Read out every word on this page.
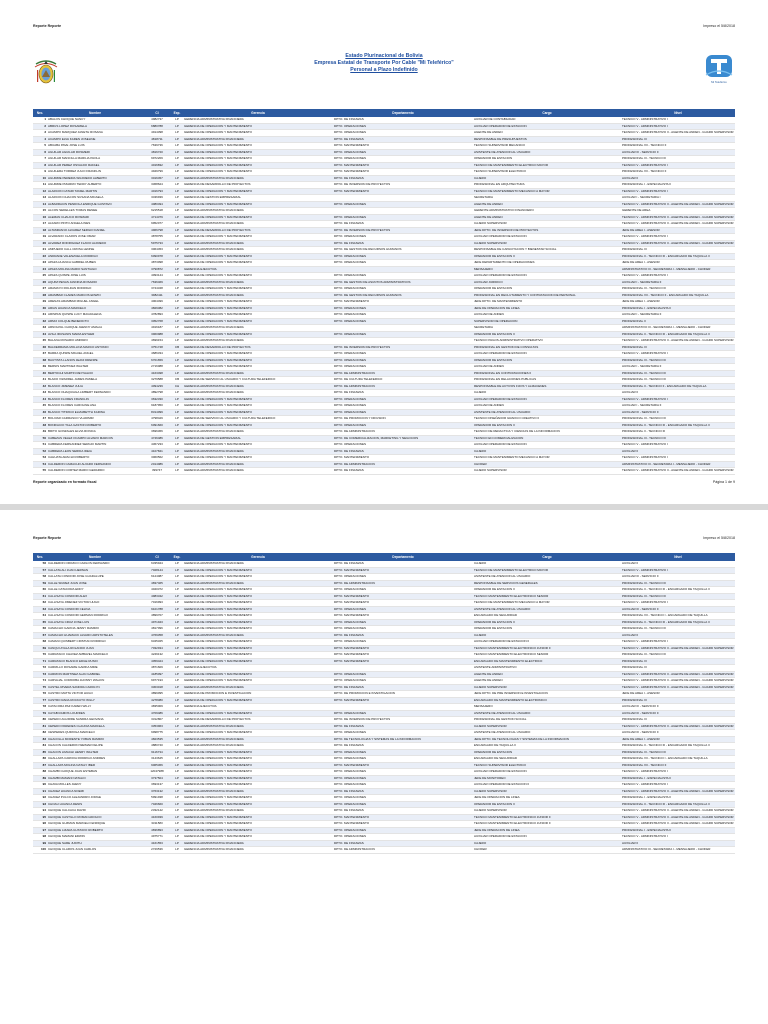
Reporte Reporte	Impreso el 5/8/2018
Estado Plurinacional de Bolivia
Empresa Estatal de Transporte Por Cable "Mi Teleférico"
Personal a Plazo Indefinido
Mi Teleférico
Nro.	Nombre	CI	Exp.	Gerencia	Departamento	Cargo	Nivel
1	ABALOS CHOQUE NANCY	4982737	LP	GERENCIA ADMINISTRATIVA FINANCIERA	DPTO. DE FINANZAS	AUXILIAR DE CONTABILIDAD	TECNICO V - ADMINISTRATIVO I
2	ABRUS LOPEZ ROSARIELA	6880788	LP	GERENCIA DE OPERACION Y MANTENIMIENTO	DPTO. OPERACIONES	AUXILIAR OPERADOR DE ESTACION	TECNICO V - ADMINISTRATIVO I
3	ACAMPO MARQUEZ JANETH ROSANA	4914398	LP	GERENCIA DE OPERACION Y MANTENIMIENTO	DPTO. OPERACIONES	AGENTE DE ANDEN	TECNICO V - ADMINISTRATIVO II - AGENTE DE ANDEN - GUARD SUPERVISOR
4	ACAMPO ELVA KAREN JOSELINE	4818711	LP	GERENCIA ADMINISTRATIVA FINANCIERA	DPTO. DE FINANZAS	RESPONSABLE DE PRESUPUESTOS	PROFESIONAL III
5	ABUABA PAVE JOSE LUIS	7639736	LP	GERENCIA DE OPERACION Y MANTENIMIENTO	DPTO. MANTENIMIENTO	TECNICO SUPERVISOR MECANICO	PROFESIONAL XII - TECNICO II
6	AGUILAR AGUILAR ROSMERI	4816720	LP	GERENCIA DE OPERACION Y MANTENIMIENTO	DPTO. OPERACIONES	ASISTENTE DE ATENCION AL USUARIO	AUXILIAR III - SERVICIO II
7	AGUILAR MANCILLA MARILIA PAOLA	9972209	LP	GERENCIA DE OPERACION Y MANTENIMIENTO	DPTO. OPERACIONES	OPERADOR DE ESTACION	PROFESIONAL III - TECNICO III
8	AGUILAR PEREZ OSVALDO RAFAEL	4016832	LP	GERENCIA DE OPERACION Y MANTENIMIENTO	DPTO. MANTENIMIENTO	TECNICO DE MANTENIMIENTO ELECTRICO MAYOR	TECNICO V - ADMINISTRATIVO I
9	AGUILERA TORREZ JULIO FRANKLIN	4949799	LP	GERENCIA DE OPERACION Y MANTENIMIENTO	DPTO. MANTENIMIENTO	TECNICO SUPERVISOR ELECTRICO	PROFESIONAL XII - TECNICO II
10	AGUIRRE PEREIRA WILFREDO ALBERTO	3016457	LP	GERENCIA ADMINISTRATIVA FINANCIERA	DPTO. DE FINANZAS	CAJERO	AUXILIAR II
11	AGUIRRE PIZARRO TEDDY ALBERTO	3368624	LP	GERENCIA DE DESARROLLO DE PROYECTOS	DPTO. DE INVERSION DE PROYECTOS	PROFESIONAL EN ARQUITECTURA	PROFESIONAL I - ESPECIALISTA II
12	ALARCON CATARI TANIEL MARTIN	4016793	LP	GERENCIA DE OPERACION Y MANTENIMIENTO	DPTO. MANTENIMIENTO	TECNICO DE MANTENIMIENTO MECANICO A MAYOR	TECNICO V - ADMINISTRATIVO I
13	ALARCON CHACON SUSANA MICAELA	3436939	LP	GERENCIA DE GESTION EMPRESARIAL		SECRETARIA	AUXILIAR I - SECRETARIA I
14	ALBARRACIN PENDOLA ENRIQUE GUSTAVO	4080494	LP	GERENCIA DE OPERACION Y MANTENIMIENTO	DPTO. OPERACIONES	AGENTE DE ANDEN	TECNICO V - ADMINISTRATIVO II - AGENTE DE ANDEN - GUARD SUPERVISOR
15	ALCON SEDELLES TOMAS RENEE	9215518	LP	GERENCIA ADMINISTRATIVA FINANCIERA		GERENTE ADMINISTRATIVO FINANCIERO	GERENTE DE AREA
16	ALEMAN CHAUCO ROSMARI	4714379	LP	GERENCIA DE OPERACION Y MANTENIMIENTO	DPTO. OPERACIONES	AGENTE DE ANDEN	TECNICO V - ADMINISTRATIVO II - AGENTE DE ANDEN - GUARD SUPERVISOR
17	ALFARO PINTO ANGELA INES	9952077	LP	GERENCIA ADMINISTRATIVA FINANCIERA	DPTO. DE FINANZAS	CAJERO SUPERVISOR	TECNICO V - ADMINISTRATIVO II - AGENTE DE ANDEN - GUARD SUPERVISOR
18	ALTAMIRANO ALVAREZ SERGIO DANIEL	4966798	LP	GERENCIA DE DESARROLLO DE PROYECTOS	DPTO. DE INVERSION DE PROYECTOS	JEFE DPTO. DE INVERSION DE PROYECTOS	JEFE DE AREA I - ASESOR
19	ALVARADO CLAROS JOSE OMAR	4878755	LP	GERENCIA DE OPERACION Y MANTENIMIENTO	DPTO. OPERACIONES	AUXILIAR OPERADOR DE ESTACION	TECNICO V - ADMINISTRATIVO I
20	ALVAREZ RODRIGUEZ FLAVIO ALFREDO	5975733	LP	GERENCIA ADMINISTRATIVA FINANCIERA	DPTO. DE FINANZAS	CAJERO SUPERVISOR	TECNICO V - ADMINISTRATIVO II - AGENTE DE ANDEN - GUARD SUPERVISOR
21	AMPUERO CALL CROSA LENISE	3064453	LP	GERENCIA ADMINISTRATIVA FINANCIERA	DPTO. DE GESTION DE RECURSOS HUMANOS	RESPONSABLE DE CAPACITACION Y BIENESTAR SOCIAL	PROFESIONAL III
22	ANDRADE VALENZUELA RODRIGO	6090978	LP	GERENCIA DE OPERACION Y MANTENIMIENTO	DPTO. OPERACIONES	OPERADOR DE ESTACION II	PROFESIONAL II - TECNICO III - ENCARGADO DE TAQUILLA II
23	APAZA HUANCA GABRIEL RUBEN	4873098	LP	GERENCIA DE OPERACION Y MANTENIMIENTO	DPTO. OPERACIONES	JEFE DEPARTAMENTO DE OPERACIONES	JEFE DE AREA I - ASESOR
24	APAZA MOLINA MARIO SANTIAGO	3790872	LP	GERENCIA EJECUTIVA		MENSAJERO	ADMINISTRATIVO III - SECRETARIA I - MENSAJERO - CHOFER
25	APAZA QUISPE JOSE LUIS	4093144	LP	GERENCIA DE OPERACION Y MANTENIMIENTO	DPTO. OPERACIONES	AUXILIAR OPERADOR DE ESTACION	TECNICO V - ADMINISTRATIVO I
26	AQUIM PENAS JANNINA ROSARIO	7636469	LP	GERENCIA ADMINISTRATIVA FINANCIERA	DPTO. DE GESTION DE ASUNTOS ADMINISTRATIVOS	AUXILIAR JURIDICO	AUXILIAR I - SECRETARIA II
27	ARAMAYO ROLDAN RODRIGO	3744348	LP	GERENCIA DE OPERACION Y MANTENIMIENTO	DPTO. OPERACIONES	OPERADOR DE ESTACION	PROFESIONAL III - TECNICO III
28	ARAMBAR CLARES MARCOS EDWIN	3982411	LP	GERENCIA ADMINISTRATIVA FINANCIERA	DPTO. DE GESTION DE RECURSOS HUMANOS	PROFESIONAL EN RECLUTAMIENTO Y CONTRATACION DE PERSONAL	PROFESIONAL VII - TECNICO II - ENCARGADO DE TAQUILLA
29	ARENAS ARAMBAR MIGUEL ANGEL	4004499	LP	GERENCIA DE OPERACION Y MANTENIMIENTO	DPTO. MANTENIMIENTO	JEFE DPTO. DE MANTENIMIENTO	JEFE DE AREA I - ASESOR
30	ARIAS HUANCA MARCELO	4829382	LP	GERENCIA DE OPERACION Y MANTENIMIENTO	DPTO. OPERACIONES	JEFE DE OPERACION DE LINEA	PROFESIONAL I - ESPECIALISTA II
31	ARISPAN QUISPE LUCY MAGDALENA	4782893	LP	GERENCIA DE OPERACION Y MANTENIMIENTO	DPTO. OPERACIONES	AUXILIAR DE ANDEN	AUXILIAR I - SECRETARIA II
32	ARMIJ COLQUE BENEDICTO	3052768	LP	GERENCIA DE OPERACION Y MANTENIMIENTO	DPTO. OPERACIONES	SUPERVISOR DE OPERACION	PROFESIONAL II
33	ARNOLPAL CHOQUE JHENNY AMALIA	4916187	LP	GERENCIA ADMINISTRATIVA FINANCIERA		SECRETARIA	ADMINISTRATIVO III - SECRETARIA I - MENSAJERO - CHOFER
34	AVILA IRUSANIS MARIA ESTHER	3960988	LP	GERENCIA DE OPERACION Y MANTENIMIENTO	DPTO. OPERACIONES	OPERADOR DE ESTACION II	PROFESIONAL II - TECNICO III - ENCARGADO DE TAQUILLA II
35	BALANA ROSARIO AMPARO	4699154	LP	GERENCIA ADMINISTRATIVA FINANCIERA		TECNICO PAGOS ADMINISTRATIVO OPERATIVO	TECNICO V - ADMINISTRATIVO II - AGENTE DE ANDEN - GUARD SUPERVISOR
36	BALDERRAMA MOLLINA MARCO ANTONIO	3751748	CB	GERENCIA DE DESARROLLO DE PROYECTOS	DPTO. DE INVERSION DE PROYECTOS	PROFESIONAL EN GESTION DE CONSULTAS	PROFESIONAL III
37	BARRA QUISPE MIGUEL ANGEL	4686334	LP	GERENCIA DE OPERACION Y MANTENIMIENTO	DPTO. OPERACIONES	AUXILIAR OPERADOR DE ESTACION	TECNICO V - ADMINISTRATIVO I
38	BAUTISTA LLANOS JEANI DRENPE	6701659	LP	GERENCIA DE OPERACION Y MANTENIMIENTO	DPTO. OPERACIONES	OPERADOR DE ESTACION	PROFESIONAL III - TECNICO III
39	BERNIS MARTINEZ WALTER	2716088	LP	GERENCIA DE OPERACION Y MANTENIMIENTO	DPTO. OPERACIONES	AUXILIAR DE ANDEN	AUXILIAR I - SECRETARIA II
40	BERTOCHI MARTIN REYNALDO	4163498	LP	GERENCIA ADMINISTRATIVA FINANCIERA	DPTO. DE ADMINISTRACION	PROFESIONAL EN CONTRATACIONES II	PROFESIONAL III - TECNICO III
41	BLADO VIZARREL JAMES PAMELA	3279588	CB	GERENCIA DE SERVICIO AL USUARIO Y CULTURA TELEFERICO	DPTO. DE CULTURA TELEFERICO	PROFESIONAL EN RELACIONES PUBLICAS	PROFESIONAL III - TECNICO III
42	BLANCO JIMENEZ JULIA	4094239	CH	GERENCIA ADMINISTRATIVA FINANCIERA	DPTO. DE ADMINISTRACION	RESPONSABLE DE ACTIVOS FIJOS Y ALMACENES	PROFESIONAL II - TECNICO II - ENCARGADO DE TAQUILLA
43	BLANCO OHAQUIAGA LIMBERT FERNANDO	4892798	LP	GERENCIA ADMINISTRATIVA FINANCIERA	DPTO. DE FINANZAS	CAJERO	AUXILIAR II
44	BLANCO FLORES FRANKLIN	3632330	LP	GERENCIA DE OPERACION Y MANTENIMIENTO	DPTO. OPERACIONES	AUXILIAR OPERADOR DE ESTACION	TECNICO V - ADMINISTRATIVO I
45	BLANCO FLORES CAROLINE ANA	9187950	LP	GERENCIA DE OPERACION Y MANTENIMIENTO	DPTO. OPERACIONES	AUXILIAR DE ANDEN	AUXILIAR I - SECRETARIA II
46	BLANCO TITIRICO ELIZABETTH KARINA	8314099	LP	GERENCIA DE OPERACION Y MANTENIMIENTO	DPTO. OPERACIONES	ASISTENTE DE ATENCION AL USUARIO	AUXILIAR III - SERVICIO II
47	BOLIVAR CARRASCO VLADIMIR	4798429	LP	GERENCIA DE SERVICIO AL USUARIO Y CULTURA TELEFERICO	DPTO. DE PROMOCION Y DIFUSION	TECNICO DISEÑADOR GRAFICO CREATIVO II	PROFESIONAL III - TECNICO III
48	BONIFACIO TALA GASTON ROBERTO	6091660	LP	GERENCIA DE OPERACION Y MANTENIMIENTO	DPTO. OPERACIONES	OPERADOR DE ESTACION II	PROFESIONAL II - TECNICO III - ENCARGADO DE TAQUILLA II
49	BRITO GONZALES ELVIA RONICA	3696366	LP	GERENCIA ADMINISTRATIVA FINANCIERA	DPTO. DE ADMINISTRACION	TECNICO DE REDACTICA Y CIENCIAS DE LA INFORMACION	PROFESIONAL II - TECNICO III
50	CABEZAS VELEZ OCAMPO ALVARO MARCOS	4746486	LP	GERENCIA DE GESTION EMPRESARIAL	DPTO. DE COMERCIALIZACION, MARKETING Y NEGOCIOS	TECNICO EN COMERCIALIZACION	PROFESIONAL III - TECNICO III
51	CABRERA FERNANDEZ SERGIO MARTIN	4367233	LP	GERENCIA DE OPERACION Y MANTENIMIENTO	DPTO. OPERACIONES	AUXILIAR OPERADOR DE ESTACION	TECNICO V - ADMINISTRATIVO I
52	CABRERA LEON SERIDA IDEIA	4107841	LP	GERENCIA ADMINISTRATIVA FINANCIERA	DPTO. DE FINANZAS	CAJERO	AUXILIAR II
53	CAHUATA ARACHI ROBERTO	3060562	LP	GERENCIA DE OPERACION Y MANTENIMIENTO	DPTO. MANTENIMIENTO	TECNICO DE MANTENIMIENTO MECANICO A MAYOR	TECNICO V - ADMINISTRATIVO I
54	CALDERON CAMACHO ALVARO FERNANDO	2014086	LP	GERENCIA ADMINISTRATIVA FINANCIERA	DPTO. DE ADMINISTRACION	CHOFER	ADMINISTRATIVO III - SECRETARIA I - MENSAJERO - CHOFER
55	CALDERON CORTEZ MARIO GERARDO	399747	LP	GERENCIA ADMINISTRATIVA FINANCIERA	DPTO. DE FINANZAS	CAJERO SUPERVISOR	TECNICO V - ADMINISTRATIVO II - AGENTE DE ANDEN - GUARD SUPERVISOR
Reporte organizado en formato fiscal	Página 1 de 9
Reporte Reporte	Impreso el 5/8/2018
Nro.	Nombre	CI	Exp.	Gerencia	Departamento	Cargo	Nivel
56	CALDERON OROZCO CARLOS FERNANDO	6335944	LP	GERENCIA ADMINISTRATIVA FINANCIERA	DPTO. DE FINANZAS	CAJERO	AUXILIAR II
57	CALLATA ALI JUAN HERNAN	7028144	LP	GERENCIA DE OPERACION Y MANTENIMIENTO	DPTO. MANTENIMIENTO	TECNICO DE MANTENIMIENTO ELECTRICO MAYOR	TECNICO V - ADMINISTRATIVO I
58	CALLATA CONDORI JOSE GUADALUPE	6124087	LP	GERENCIA DE OPERACION Y MANTENIMIENTO	DPTO. OPERACIONES	ASISTENTE DE ATENCION AL USUARIO	AUXILIAR III - SERVICIO II
59	CALLE SIUREZ JUAN JOSE	4837465	LP	GERENCIA ADMINISTRATIVA FINANCIERA	DPTO. DE ADMINISTRACION	RESPONSABLE DE SERVICIOS GENERALES	PROFESIONAL III - TECNICO III
60	CALLE CATACORA EDDY	4040372	LP	GERENCIA DE OPERACION Y MANTENIMIENTO	DPTO. OPERACIONES	OPERADOR DE ESTACION II	PROFESIONAL II - TECNICO III - ENCARGADO DE TAQUILLA II
61	CALLISAYA CONDORI ALEX	4983342	LP	GERENCIA DE OPERACION Y MANTENIMIENTO	DPTO. MANTENIMIENTO	TECNICO MANTENIMIENTO ELECTRONICO SENIOR	PROFESIONAL III - TECNICO III
62	CALLISAYA JIMENEZ VICTOR HUGO	7016993	LP	GERENCIA DE OPERACION Y MANTENIMIENTO	DPTO. MANTENIMIENTO	TECNICO DE MANTENIMIENTO MECANICO A MAYOR	TECNICO V - ADMINISTRATIVO I
63	CALLISAYA CONDORI CELINA	9101788	LP	GERENCIA DE OPERACION Y MANTENIMIENTO	DPTO. OPERACIONES	ASISTENTE DE ATENCION AL USUARIO	AUXILIAR III - SERVICIO II
64	CALLISAYA CONDORI GERMAN RODRIGO	4899707	LP	GERENCIA DE OPERACION Y MANTENIMIENTO	DPTO. MANTENIMIENTO	ENCARGADO DE SEGURIDAD	PROFESIONAL VII - TECNICO I - ENCARGADO DE TAQUILLA
65	CALLISAYA CRUZ JOSE LUIS	4971943	LP	GERENCIA DE OPERACION Y MANTENIMIENTO	DPTO. OPERACIONES	OPERADOR DE ESTACION II	PROFESIONAL II - TECNICO III - ENCARGADO DE TAQUILLA II
66	CAMACHO GARCIA JENNY RAMIRO	4817096	LP	GERENCIA DE OPERACION Y MANTENIMIENTO	DPTO. OPERACIONES	OPERADOR DE ESTACION	PROFESIONAL III - TECNICO III
67	CAMACHO HUAMACK ALVARO ARISTOTELES	4769358	LP	GERENCIA ADMINISTRATIVA FINANCIERA	DPTO. DE FINANZAS	CAJERO	AUXILIAR II
68	CAMANI QUISBERT CRISTIAN RODRIGO	9345325	LP	GERENCIA DE OPERACION Y MANTENIMIENTO	DPTO. OPERACIONES	AUXILIAR OPERADOR DE ESTACION II	TECNICO V - ADMINISTRATIVO I
69	CANQUI AYALA ROLANDO JUAN	7032934	LP	GERENCIA DE OPERACION Y MANTENIMIENTO	DPTO. MANTENIMIENTO	TECNICO MANTENIMIENTO ELECTRONICO JUNIOR II	TECNICO V - ADMINISTRATIVO II - AGENTE DE ANDEN - GUARD SUPERVISOR
70	CARRASCO CHAVEZ AMBAVEL MARCELO	4249132	LP	GERENCIA DE OPERACION Y MANTENIMIENTO	DPTO. MANTENIMIENTO	TECNICO MANTENIMIENTO ELECTRONICO SENIOR	PROFESIONAL III - TECNICO III
71	CARRASCO BLANCO EDGE RUSIO	4059424	LP	GERENCIA DE OPERACION Y MANTENIMIENTO	DPTO. MANTENIMIENTO	ENCARGADO DE MANTENIMIENTO ELECTRICO	PROFESIONAL III
72	CARRILLO ROSARIE GARIKA MIRE	4871609	LP	GERENCIA EJECUTIVA		ASISTENTE ADMINISTRATIVO	PROFESIONAL III
73	CARRION MARTINEZ ALAN GABRIEL	4185097	LP	GERENCIA DE OPERACION Y MANTENIMIENTO	DPTO. OPERACIONES	AGENTE DE ANDEN	TECNICO V - ADMINISTRATIVO II - AGENTE DE ANDEN - GUARD SUPERVISOR
74	CARVAJAL CORDOBA JHONNY WALKIN	9977193	LP	GERENCIA DE OPERACION Y MANTENIMIENTO	DPTO. OPERACIONES	AGENTE DE ANDEN	TECNICO V - ADMINISTRATIVO II - AGENTE DE ANDEN - GUARD SUPERVISOR
75	CASTEL RIVERA SANDRA CAROLYN	3303018	LP	GERENCIA ADMINISTRATIVA FINANCIERA	DPTO. DE FINANZAS	CAJERO SUPERVISOR	TECNICO V - ADMINISTRATIVO II - AGENTE DE ANDEN - GUARD SUPERVISOR
76	CASTRO MATTA VICTOR HUGO	4899095	LP	GERENCIA DE PROMOCION E INVESTIGACION	DPTO. DE PROMOCION E INVESTIGACION	JEFE DPTO. DE PRE INVERSION E INVESTIGACION	JEFE DE AREA I - ASESOR
77	CASTRO RADA ROCKUTO WILLY	4278380	LP	GERENCIA DE OPERACION Y MANTENIMIENTO	DPTO. MANTENIMIENTO	ENCARGADO DE MANTENIMIENTO ELECTRONICO	PROFESIONAL III
78	CATACORA PAZ KAREN WILLY	4835009	LP	GERENCIA EJECUTIVA		MENSAJERO	AUXILIAR III - SERVICIO II
79	CAYAB RAMOS LOURDES	4709486	LP	GERENCIA DE OPERACION Y MANTENIMIENTO	DPTO. OPERACIONES	ASISTENTE DE ATENCION AL USUARIO	AUXILIAR III - SERVICIO II
80	CEPEDO AGUIRRE SANDRA GEOVANA	3312807	LP	GERENCIA DE DESARROLLO DE PROYECTOS	DPTO. DE INVERSION DE PROYECTOS	PROFESIONAL DE GESTION SOCIAL	PROFESIONAL III
81	CEPEDO PAREDES CLAUDIA MARCELA	3353963	LP	GERENCIA ADMINISTRATIVA FINANCIERA	DPTO. DE FINANZAS	CAJERO SUPERVISOR	TECNICO V - ADMINISTRATIVO II - AGENTE DE ANDEN - GUARD SUPERVISOR
82	CESPEDES QUIROGA MARCELO	9998775	LP	GERENCIA DE OPERACION Y MANTENIMIENTO	DPTO. OPERACIONES	ASISTENTE DE ATENCION AL USUARIO	AUXILIAR III - SERVICIO II
83	CHACOLLA MORENTE YOBAN RAMIRO	4823535	LP	GERENCIA ADMINISTRATIVA FINANCIERA	DPTO. DE TECNOLOGIAS Y SISTEMAS DE LA INFORMACION	JEFE DPTO. DE TECNOLOGIAS Y SISTEMAS DE LA INFORMACION	JEFE DE AREA I - ASESOR
84	CHACON CALDERON WEIMAR FELIPE	4880740	LP	GERENCIA ADMINISTRATIVA FINANCIERA	DPTO. DE FINANZAS	ENCARGADO DE TAQUILLA II	PROFESIONAL II - TECNICO III - ENCARGADO DE TAQUILLA II
85	CHACON LIMACHI HENRY WALTER	6116734	LP	GERENCIA DE OPERACION Y MANTENIMIENTO	DPTO. OPERACIONES	OPERADOR DE ESTACION	PROFESIONAL III - TECNICO III
86	CHALLAPA CARDOA RODRIGO ANDRES	3143645	LP	GERENCIA DE OPERACION Y MANTENIMIENTO	DPTO. OPERACIONES	ENCARGADO DE SEGURIDAD	PROFESIONAL VII - TECNICO I - ENCARGADO DE TAQUILLA
87	CHALLAPA MOLINA NATALY IBER	9065366	LP	GERENCIA DE OPERACION Y MANTENIMIENTO	DPTO. MANTENIMIENTO	TECNICO SUPERVISOR ELECTRICO	PROFESIONAL XII - TECNICO II
88	CHAMBI CHOQUE JUAN ESTEBAN	12047988	LP	GERENCIA DE OPERACION Y MANTENIMIENTO	DPTO. OPERACIONES	AUXILIAR OPERADOR DE ESTACION	TECNICO V - ADMINISTRATIVO I
89	CHAMBI MAMANI NATALIO	3737504	LP	GERENCIA DE OPERACION Y MANTENIMIENTO	DPTO. OPERACIONES	JEFE DE MONITOREO	PROFESIONAL I - ESPECIALISTA II
90	CHAVA MOLLES JHENY	3693137	LP	GERENCIA DE OPERACION Y MANTENIMIENTO	DPTO. OPERACIONES	AUXILIAR OPERADOR DE ESTACION II	TECNICO V - ADMINISTRATIVO I
91	CHAVEZ HUANCA NOEMI	3763132	LP	GERENCIA ADMINISTRATIVA FINANCIERA	DPTO. DE FINANZAS	CAJERO SUPERVISOR	TECNICO V - ADMINISTRATIVO II - AGENTE DE ANDEN - GUARD SUPERVISOR
92	CHAVEZ PULCO ALEJANDRO JORGE	5991938	LP	GERENCIA DE OPERACION Y MANTENIMIENTO	DPTO. OPERACIONES	JEFE DE OPERACION DE LINEA	PROFESIONAL I - ESPECIALISTA II
93	CHOAU HUANCA DENIS	7046660	LP	GERENCIA DE OPERACION Y MANTENIMIENTO	DPTO. OPERACIONES	OPERADOR DE ESTACION II	PROFESIONAL II - TECNICO III - ENCARGADO DE TAQUILLA II
94	CHOQUE CALCACA DAVID	2332142	LP	GERENCIA ADMINISTRATIVA FINANCIERA	DPTO. DE FINANZAS	CAJERO SUPERVISOR	TECNICO V - ADMINISTRATIVO II - AGENTE DE ANDEN - GUARD SUPERVISOR
95	CHOQUE CASTILLO ROMAN ADOLFO	4160939	LP	GERENCIA DE OPERACION Y MANTENIMIENTO	DPTO. MANTENIMIENTO	TECNICO MANTENIMIENTO ELECTRONICO JUNIOR II	TECNICO V - ADMINISTRATIVO II - AGENTE DE ANDEN - GUARD SUPERVISOR
96	CHOQUE GUZMAN MARCELO ENRIQUE	3311583	LP	GERENCIA DE OPERACION Y MANTENIMIENTO	DPTO. MANTENIMIENTO	TECNICO MANTENIMIENTO ELECTRONICO JUNIOR II	TECNICO V - ADMINISTRATIVO II - AGENTE DE ANDEN - GUARD SUPERVISOR
97	CHOQUE LIZARA GUSTAVO ROBERTO	4836893	LP	GERENCIA DE OPERACION Y MANTENIMIENTO	DPTO. OPERACIONES	JEFE DE OPERACION DE LINEA	PROFESIONAL I - ESPECIALISTA II
98	CHOQUE MAMANI EDWIN	4975771	LP	GERENCIA DE OPERACION Y MANTENIMIENTO	DPTO. OPERACIONES	AUXILIAR OPERADOR DE ESTACION	TECNICO V - ADMINISTRATIVO I
99	CHOQUE SARE JUDITH	4161553	LP	GERENCIA ADMINISTRATIVA FINANCIERA	DPTO. DE FINANZAS	CAJERO	AUXILIAR II
100	CHOQUE CLAROS JUAN CARLOS	2729536	LP	GERENCIA ADMINISTRATIVA FINANCIERA	DPTO. DE ADMINISTRACION	CHOFER	ADMINISTRATIVO III - SECRETARIA I - MENSAJERO - CHOFER
